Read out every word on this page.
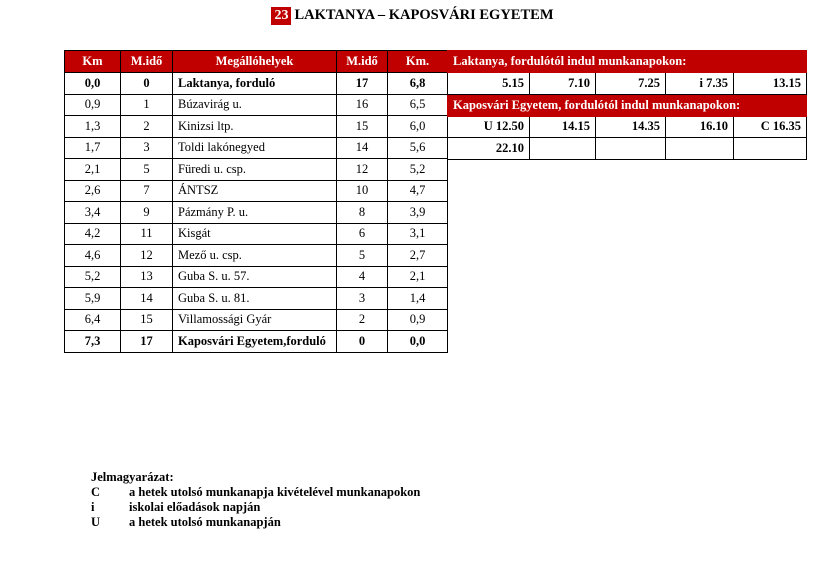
23 LAKTANYA – KAPOSVÁRI EGYETEM
Km	M.idő	Megállóhelyek	M.idő	Km.
0,0	0	Laktanya, forduló	17	6,8
0,9	1	Búzavirág u.	16	6,5
1,3	2	Kinizsi ltp.	15	6,0
1,7	3	Toldi lakónegyed	14	5,6
2,1	5	Füredi u. csp.	12	5,2
2,6	7	ÁNTSZ	10	4,7
3,4	9	Pázmány P. u.	8	3,9
4,2	11	Kisgát	6	3,1
4,6	12	Mező u. csp.	5	2,7
5,2	13	Guba S. u. 57.	4	2,1
5,9	14	Guba S. u. 81.	3	1,4
6,4	15	Villamossági Gyár	2	0,9
7,3	17	Kaposvári Egyetem,forduló	0	0,0
Laktanya, fordulótól indul munkanapokon:				
5.15	7.10	7.25	i 7.35	13.15
Kaposvári Egyetem, fordulótól indul munkanapokon:				
U 12.50	14.15	14.35	16.10	C 16.35
22.10				
Jelmagyarázat:
C	a hetek utolsó munkanapja kivételével munkanapokon
i	iskolai előadások napján
U	a hetek utolsó munkanapján
